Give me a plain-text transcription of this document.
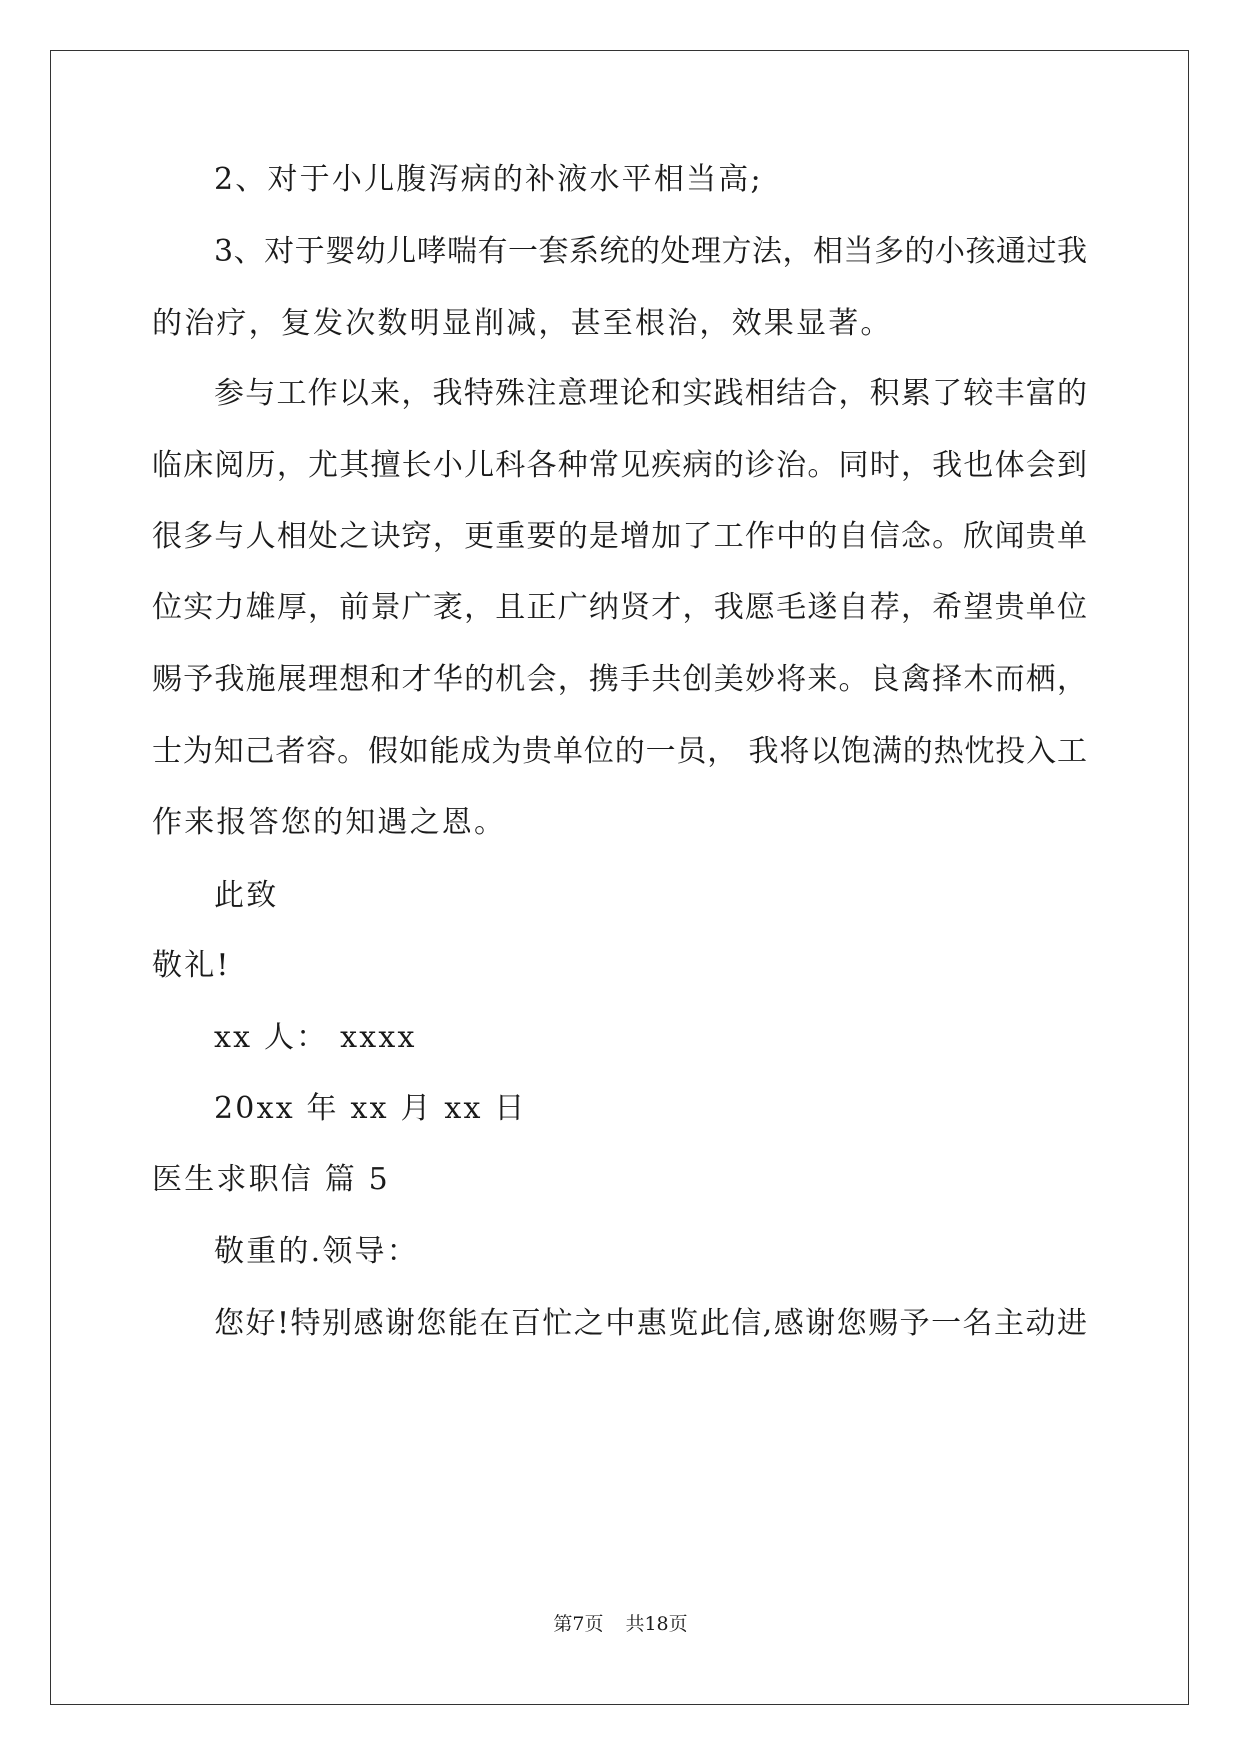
2、对于小儿腹泻病的补液水平相当高;
3、对于婴幼儿哮喘有一套系统的处理方法，相当多的小孩通过我
的治疗，复发次数明显削减，甚至根治，效果显著。
参与工作以来，我特殊注意理论和实践相结合，积累了较丰富的
临床阅历，尤其擅长小儿科各种常见疾病的诊治。同时，我也体会到
很多与人相处之诀窍，更重要的是增加了工作中的自信念。欣闻贵单
位实力雄厚，前景广袤，且正广纳贤才，我愿毛遂自荐，希望贵单位
赐予我施展理想和才华的机会，携手共创美妙将来。良禽择木而栖，
士为知己者容。假如能成为贵单位的一员， 我将以饱满的热忱投入工
作来报答您的知遇之恩。
此致
敬礼!
xx 人： xxxx
20xx 年 xx 月 xx 日
医生求职信 篇 5
敬重的.领导：
您好!特别感谢您能在百忙之中惠览此信,感谢您赐予一名主动进
第7页 共18页
